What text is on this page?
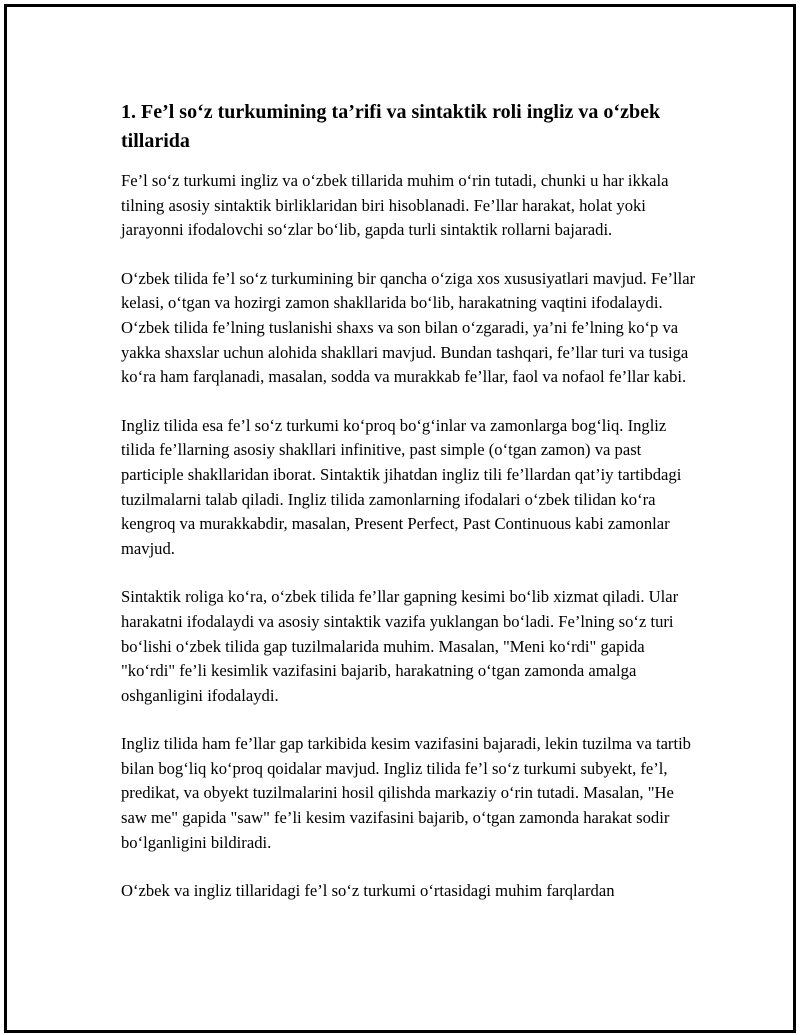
1. Fe’l so‘z turkumining ta’rifi va sintaktik roli ingliz va o‘zbek tillarida

Fe’l so‘z turkumi ingliz va o‘zbek tillarida muhim o‘rin tutadi, chunki u har ikkala tilning asosiy sintaktik birliklaridan biri hisoblanadi. Fe’llar harakat, holat yoki jarayonni ifodalovchi so‘zlar bo‘lib, gapda turli sintaktik rollarni bajaradi.

O‘zbek tilida fe’l so‘z turkumining bir qancha o‘ziga xos xususiyatlari mavjud. Fe’llar kelasi, o‘tgan va hozirgi zamon shakllarida bo‘lib, harakatning vaqtini ifodalaydi. O‘zbek tilida fe’lning tuslanishi shaxs va son bilan o‘zgaradi, ya’ni fe’lning ko‘p va yakka shaxslar uchun alohida shakllari mavjud. Bundan tashqari, fe’llar turi va tusiga ko‘ra ham farqlanadi, masalan, sodda va murakkab fe’llar, faol va nofaol fe’llar kabi.

Ingliz tilida esa fe’l so‘z turkumi ko‘proq bo‘g‘inlar va zamonlarga bog‘liq. Ingliz tilida fe’llarning asosiy shakllari infinitive, past simple (o‘tgan zamon) va past participle shakllaridan iborat. Sintaktik jihatdan ingliz tili fe’llardan qat’iy tartibdagi tuzilmalarni talab qiladi. Ingliz tilida zamonlarning ifodalari o‘zbek tilidan ko‘ra kengroq va murakkabdir, masalan, Present Perfect, Past Continuous kabi zamonlar mavjud.

Sintaktik roliga ko‘ra, o‘zbek tilida fe’llar gapning kesimi bo‘lib xizmat qiladi. Ular harakatni ifodalaydi va asosiy sintaktik vazifa yuklangan bo‘ladi. Fe’lning so‘z turi bo‘lishi o‘zbek tilida gap tuzilmalarida muhim. Masalan, "Meni ko‘rdi" gapida "ko‘rdi" fe’li kesimlik vazifasini bajarib, harakatning o‘tgan zamonda amalga oshganligini ifodalaydi.

Ingliz tilida ham fe’llar gap tarkibida kesim vazifasini bajaradi, lekin tuzilma va tartib bilan bog‘liq ko‘proq qoidalar mavjud. Ingliz tilida fe’l so‘z turkumi subyekt, fe’l, predikat, va obyekt tuzilmalarini hosil qilishda markaziy o‘rin tutadi. Masalan, "He saw me" gapida "saw" fe’li kesim vazifasini bajarib, o‘tgan zamonda harakat sodir bo‘lganligini bildiradi.

O‘zbek va ingliz tillaridagi fe’l so‘z turkumi o‘rtasidagi muhim farqlardan
